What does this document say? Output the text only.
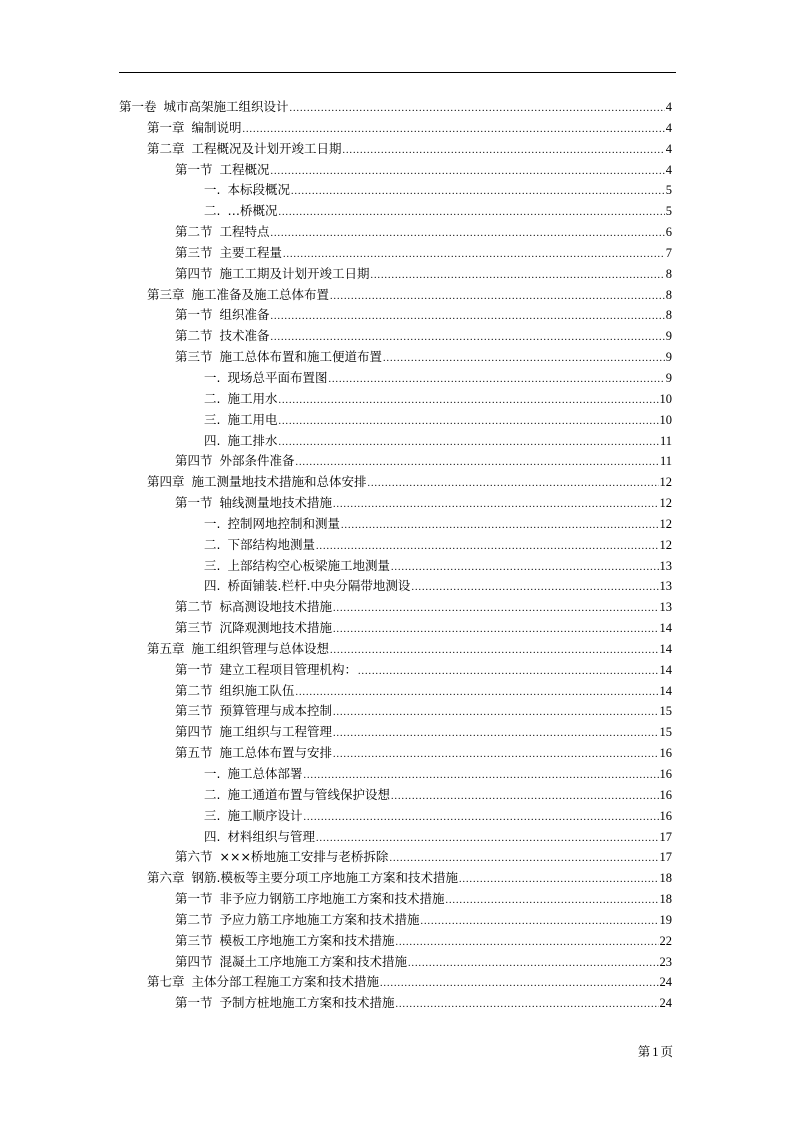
第一卷 城市高架施工组织设计 .....	4
第一章 编制说明 .....	4
第二章 工程概况及计划开竣工日期 .....	4
第一节 工程概况 .....	4
一. 本标段概况 .....	5
二. …桥概况 .....	5
第二节 工程特点 .....	6
第三节 主要工程量 .....	7
第四节 施工工期及计划开竣工日期 .....	8
第三章 施工准备及施工总体布置 .....	8
第一节 组织准备 .....	8
第二节 技术准备 .....	9
第三节 施工总体布置和施工便道布置 .....	9
一. 现场总平面布置图 .....	9
二. 施工用水 .....	10
三. 施工用电 .....	10
四. 施工排水 .....	11
第四节 外部条件准备 .....	11
第四章 施工测量地技术措施和总体安排 .....	12
第一节 轴线测量地技术措施 .....	12
一. 控制网地控制和测量 .....	12
二. 下部结构地测量 .....	12
三. 上部结构空心板梁施工地测量 .....	13
四. 桥面铺装.栏杆.中央分隔带地测设 .....	13
第二节 标高测设地技术措施 .....	13
第三节 沉降观测地技术措施 .....	14
第五章 施工组织管理与总体设想 .....	14
第一节 建立工程项目管理机构： .....	14
第二节 组织施工队伍 .....	14
第三节 预算管理与成本控制 .....	15
第四节 施工组织与工程管理 .....	15
第五节 施工总体布置与安排 .....	16
一. 施工总体部署 .....	16
二. 施工通道布置与管线保护设想 .....	16
三. 施工顺序设计 .....	16
四. 材料组织与管理 .....	17
第六节 ×××桥地施工安排与老桥拆除 .....	17
第六章 钢筋.模板等主要分项工序地施工方案和技术措施 .....	18
第一节 非予应力钢筋工序地施工方案和技术措施 .....	18
第二节 予应力筋工序地施工方案和技术措施 .....	19
第三节 模板工序地施工方案和技术措施 .....	22
第四节 混凝土工序地施工方案和技术措施 .....	23
第七章 主体分部工程施工方案和技术措施 .....	24
第一节 予制方桩地施工方案和技术措施 .....	24
第 1 页
